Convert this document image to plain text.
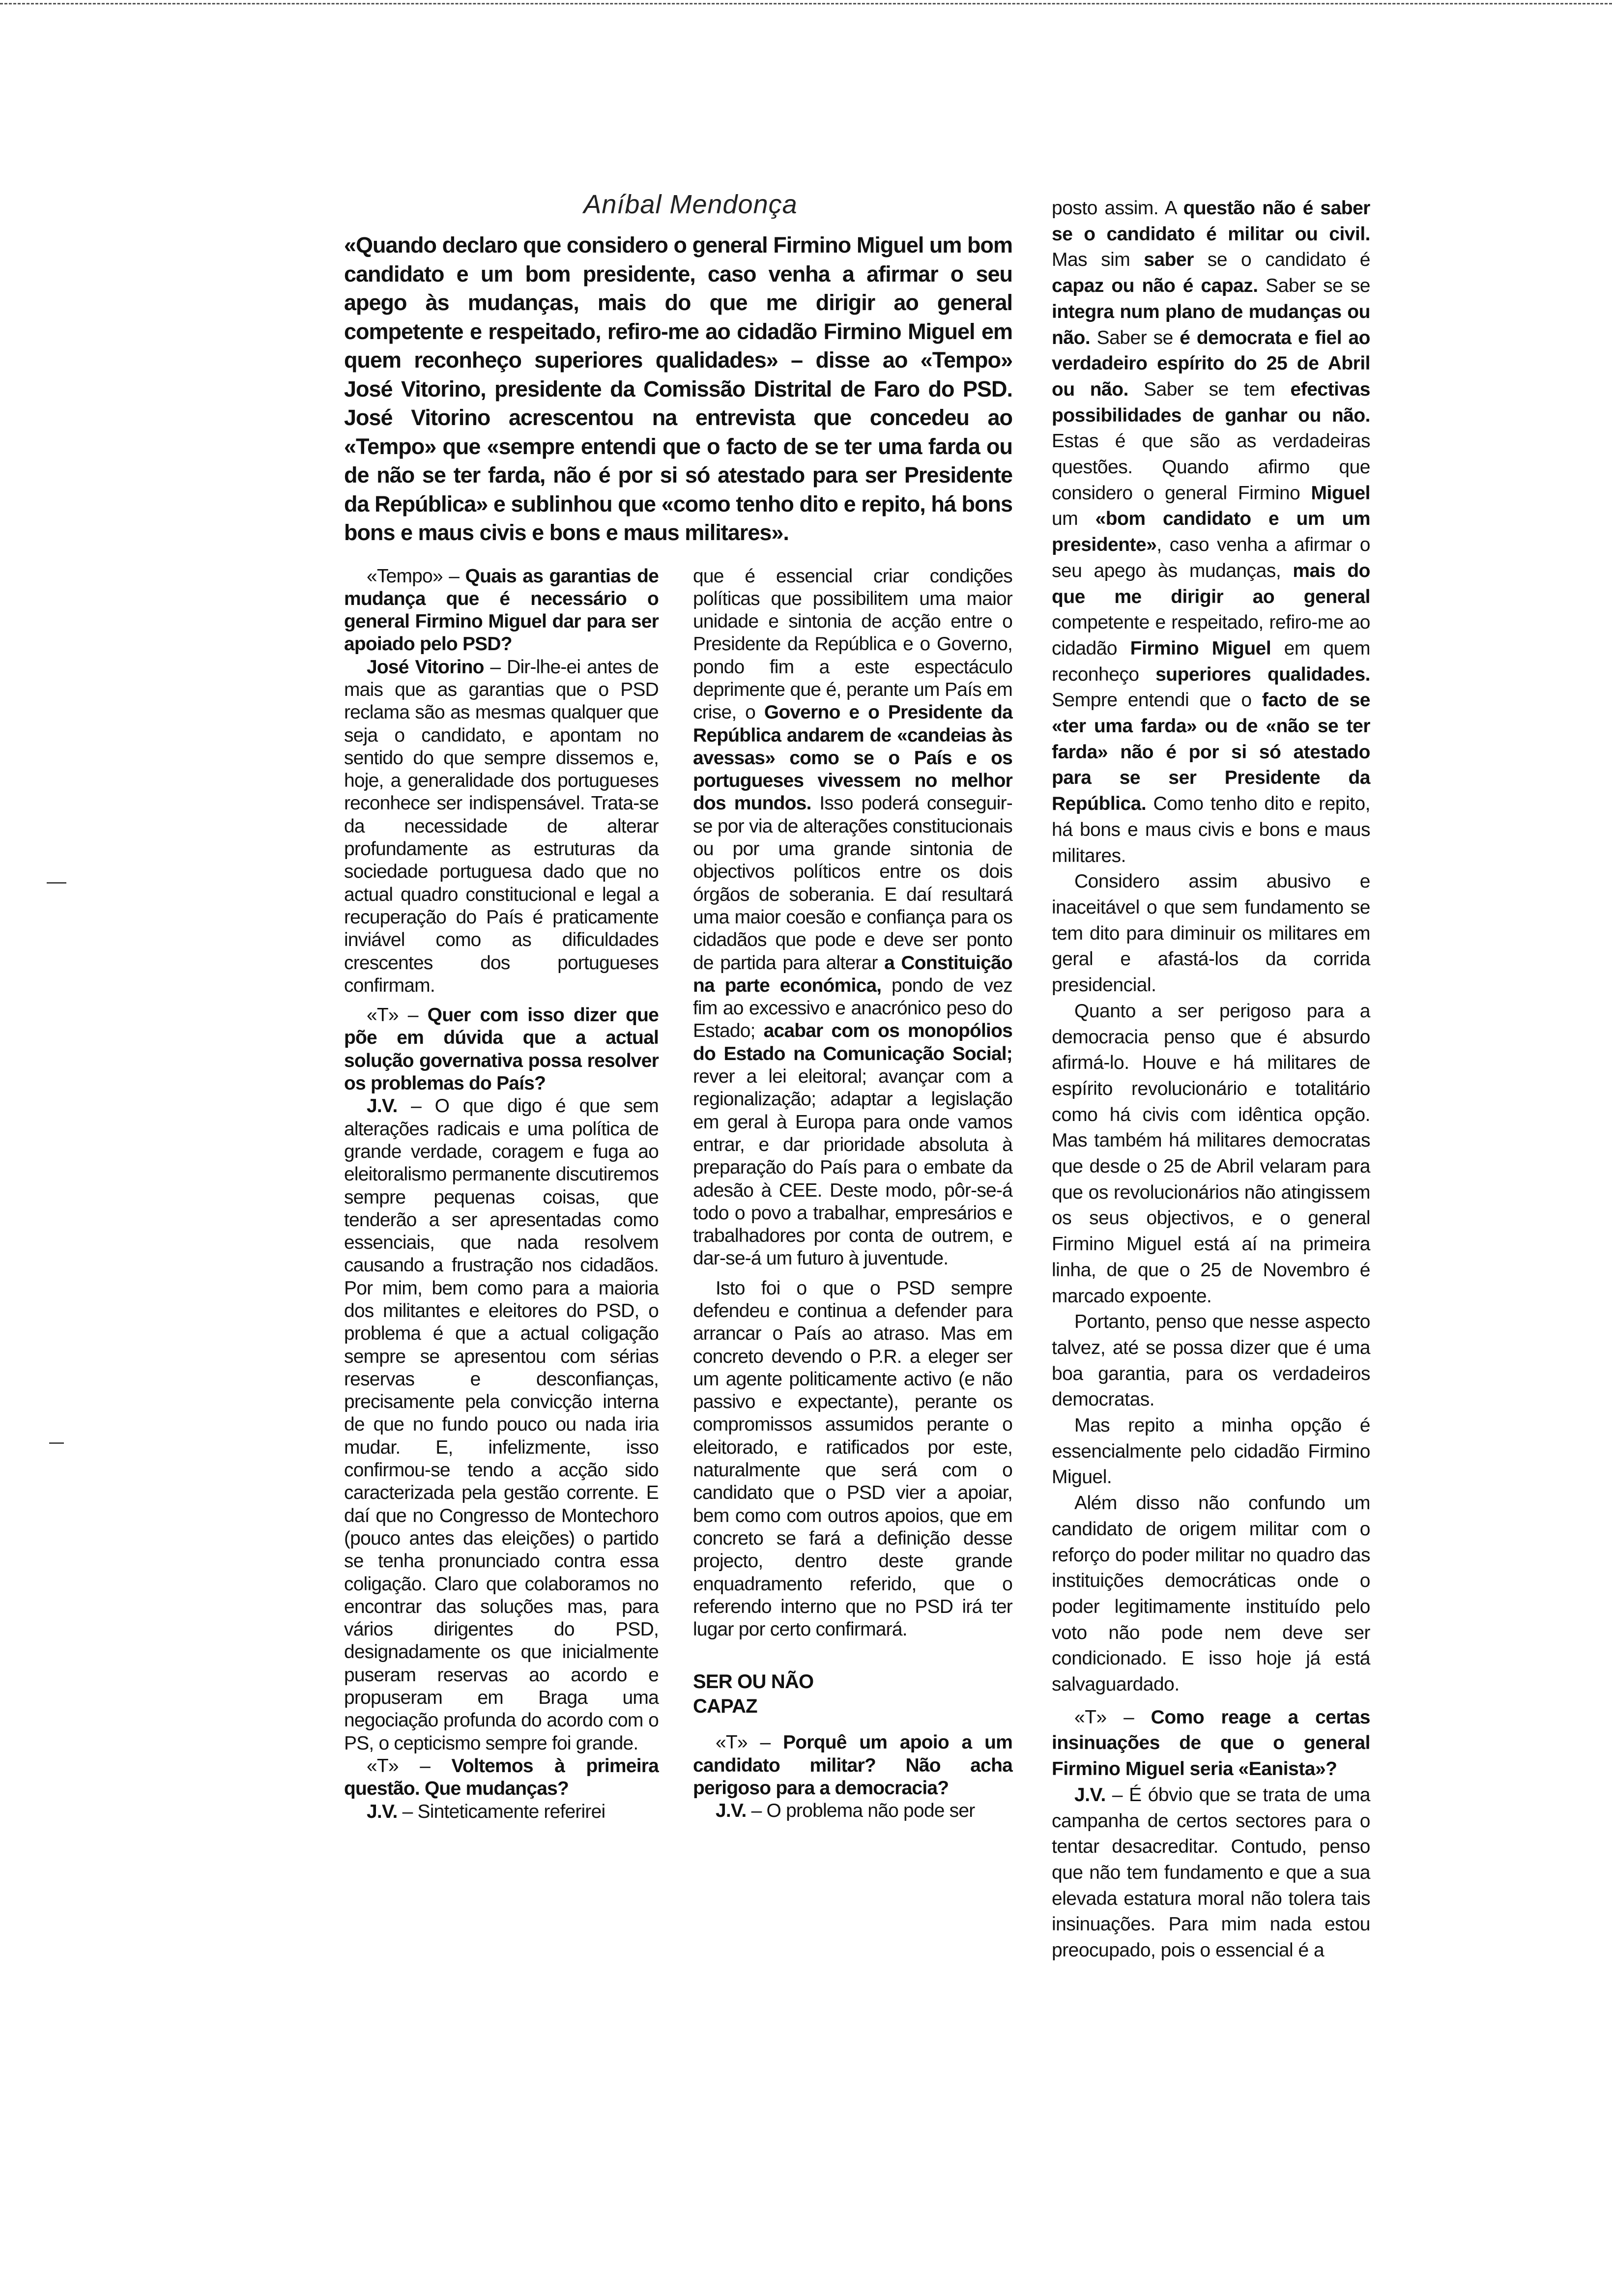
Aníbal Mendonça
«Quando declaro que considero o general Firmino Miguel um bom candidato e um bom presidente, caso venha a afirmar o seu apego às mudanças, mais do que me dirigir ao general competente e respeitado, refiro-me ao cidadão Firmino Miguel em quem reconheço superiores qualidades» – disse ao «Tempo» José Vitorino, presidente da Comissão Distrital de Faro do PSD. José Vitorino acrescentou na entrevista que concedeu ao «Tempo» que «sempre entendi que o facto de se ter uma farda ou de não se ter farda, não é por si só atestado para ser Presidente da República» e sublinhou que «como tenho dito e repito, há bons bons e maus civis e bons e maus militares».

«Tempo» – Quais as garantias de mudança que é necessário o general Firmino Miguel dar para ser apoiado pelo PSD?

José Vitorino – Dir-lhe-ei antes de mais que as garantias que o PSD reclama são as mesmas qualquer que seja o candidato, e apontam no sentido do que sempre dissemos e, hoje, a generalidade dos portugueses reconhece ser indispensável. Trata-se da necessidade de alterar profundamente as estruturas da sociedade portuguesa dado que no actual quadro constitucional e legal a recuperação do País é praticamente inviável como as dificuldades crescentes dos portugueses confirmam.

«T» – Quer com isso dizer que põe em dúvida que a actual solução governativa possa resolver os problemas do País?

J.V. – O que digo é que sem alterações radicais e uma política de grande verdade, coragem e fuga ao eleitoralismo permanente discutiremos sempre pequenas coisas, que tenderão a ser apresentadas como essenciais, que nada resolvem causando a frustração nos cidadãos. Por mim, bem como para a maioria dos militantes e eleitores do PSD, o problema é que a actual coligação sempre se apresentou com sérias reservas e desconfianças, precisamente pela convicção interna de que no fundo pouco ou nada iria mudar. E, infelizmente, isso confirmou-se tendo a acção sido caracterizada pela gestão corrente. E daí que no Congresso de Montechoro (pouco antes das eleições) o partido se tenha pronunciado contra essa coligação. Claro que colaboramos no encontrar das soluções mas, para vários dirigentes do PSD, designadamente os que inicialmente puseram reservas ao acordo e propuseram em Braga uma negociação profunda do acordo com o PS, o cepticismo sempre foi grande.

«T» – Voltemos à primeira questão. Que mudanças?

J.V. – Sinteticamente referirei

que é essencial criar condições políticas que possibilitem uma maior unidade e sintonia de acção entre o Presidente da República e o Governo, pondo fim a este espectáculo deprimente que é, perante um País em crise, o Governo e o Presidente da República andarem de «candeias às avessas» como se o País e os portugueses vivessem no melhor dos mundos. Isso poderá conseguir-se por via de alterações constitucionais ou por uma grande sintonia de objectivos políticos entre os dois órgãos de soberania. E daí resultará uma maior coesão e confiança para os cidadãos que pode e deve ser ponto de partida para alterar a Constituição na parte económica, pondo de vez fim ao excessivo e anacrónico peso do Estado; acabar com os monopólios do Estado na Comunicação Social; rever a lei eleitoral; avançar com a regionalização; adaptar a legislação em geral à Europa para onde vamos entrar, e dar prioridade absoluta à preparação do País para o embate da adesão à CEE. Deste modo, pôr-se-á todo o povo a trabalhar, empresários e trabalhadores por conta de outrem, e dar-se-á um futuro à juventude.

Isto foi o que o PSD sempre defendeu e continua a defender para arrancar o País ao atraso. Mas em concreto devendo o P.R. a eleger ser um agente politicamente activo (e não passivo e expectante), perante os compromissos assumidos perante o eleitorado, e ratificados por este, naturalmente que será com o candidato que o PSD vier a apoiar, bem como com outros apoios, que em concreto se fará a definição desse projecto, dentro deste grande enquadramento referido, que o referendo interno que no PSD irá ter lugar por certo confirmará.

SER OU NÃO
CAPAZ

«T» – Porquê um apoio a um candidato militar? Não acha perigoso para a democracia?

J.V. – O problema não pode ser

posto assim. A questão não é saber se o candidato é militar ou civil. Mas sim saber se o candidato é capaz ou não é capaz. Saber se se integra num plano de mudanças ou não. Saber se é democrata e fiel ao verdadeiro espírito do 25 de Abril ou não. Saber se tem efectivas possibilidades de ganhar ou não. Estas é que são as verdadeiras questões. Quando afirmo que considero o general Firmino Miguel um «bom candidato e um um presidente», caso venha a afirmar o seu apego às mudanças, mais do que me dirigir ao general competente e respeitado, refiro-me ao cidadão Firmino Miguel em quem reconheço superiores qualidades. Sempre entendi que o facto de se «ter uma farda» ou de «não se ter farda» não é por si só atestado para se ser Presidente da República. Como tenho dito e repito, há bons e maus civis e bons e maus militares.

Considero assim abusivo e inaceitável o que sem fundamento se tem dito para diminuir os militares em geral e afastá-los da corrida presidencial.

Quanto a ser perigoso para a democracia penso que é absurdo afirmá-lo. Houve e há militares de espírito revolucionário e totalitário como há civis com idêntica opção. Mas também há militares democratas que desde o 25 de Abril velaram para que os revolucionários não atingissem os seus objectivos, e o general Firmino Miguel está aí na primeira linha, de que o 25 de Novembro é marcado expoente.

Portanto, penso que nesse aspecto talvez, até se possa dizer que é uma boa garantia, para os verdadeiros democratas.

Mas repito a minha opção é essencialmente pelo cidadão Firmino Miguel.

Além disso não confundo um candidato de origem militar com o reforço do poder militar no quadro das instituições democráticas onde o poder legitimamente instituído pelo voto não pode nem deve ser condicionado. E isso hoje já está salvaguardado.

«T» – Como reage a certas insinuações de que o general Firmino Miguel seria «Eanista»?

J.V. – É óbvio que se trata de uma campanha de certos sectores para o tentar desacreditar. Contudo, penso que não tem fundamento e que a sua elevada estatura moral não tolera tais insinuações. Para mim nada estou preocupado, pois o essencial é a
